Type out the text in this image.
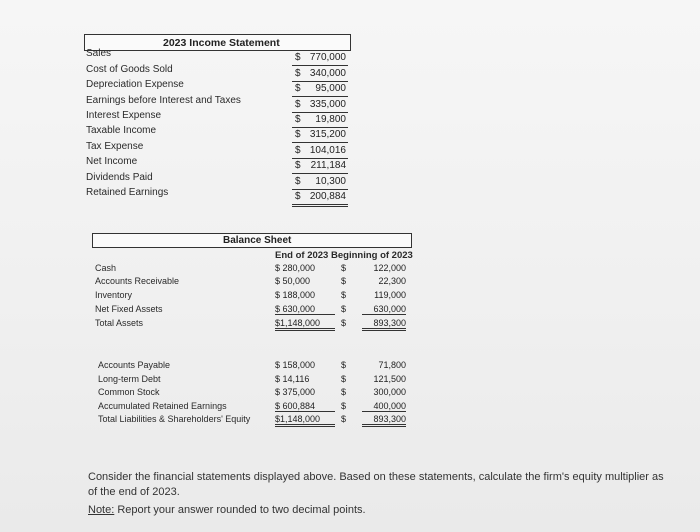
2023 Income Statement
Sales	$ 770,000
Cost of Goods Sold	$ 340,000
Depreciation Expense	$ 95,000
Earnings before Interest and Taxes	$ 335,000
Interest Expense	$ 19,800
Taxable Income	$ 315,200
Tax Expense	$ 104,016
Net Income	$ 211,184
Dividends Paid	$ 10,300
Retained Earnings	$ 200,884
Balance Sheet
End of 2023 Beginning of 2023
Cash	$ 280,000	$	122,000
Accounts Receivable	$ 50,000	$	22,300
Inventory	$ 188,000	$	119,000
Net Fixed Assets	$ 630,000	$	630,000
Total Assets	$1,148,000	$	893,300
Accounts Payable	$ 158,000	$	71,800
Long-term Debt	$ 14,116	$	121,500
Common Stock	$ 375,000	$	300,000
Accumulated Retained Earnings	$ 600,884	$	400,000
Total Liabilities & Shareholders' Equity	$1,148,000	$	893,300
Consider the financial statements displayed above. Based on these statements, calculate the firm's equity multiplier as of the end of 2023.
Note: Report your answer rounded to two decimal points.
